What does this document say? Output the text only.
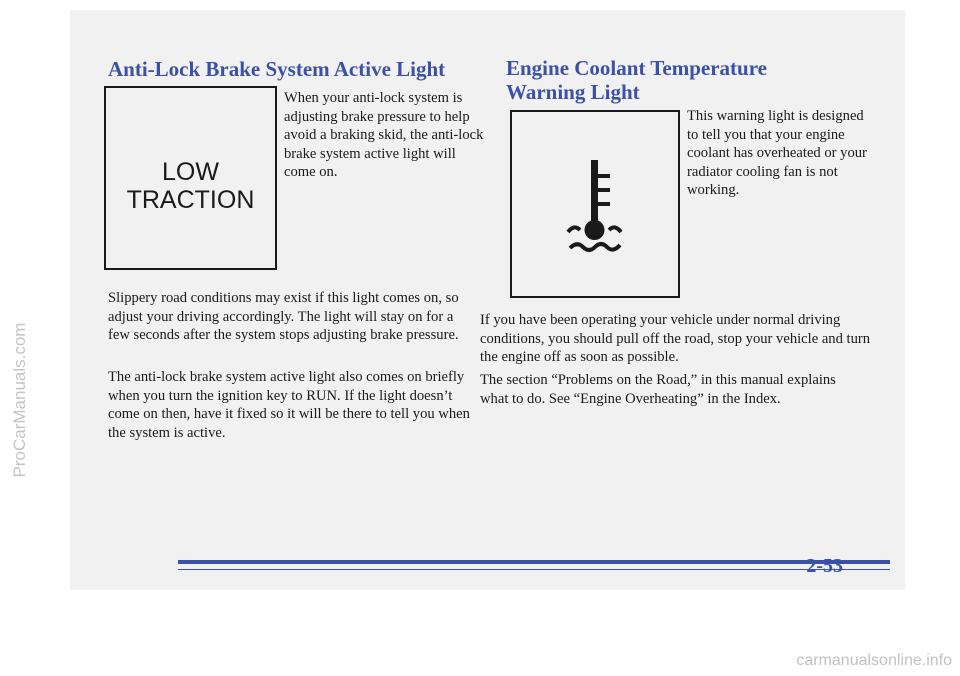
Anti-Lock Brake System Active Light
LOW
TRACTION

When your anti-lock system is adjusting brake pressure to help avoid a braking skid, the anti-lock brake system active light will come on.

Slippery road conditions may exist if this light comes on, so adjust your driving accordingly. The light will stay on for a few seconds after the system stops adjusting brake pressure.

The anti-lock brake system active light also comes on briefly when you turn the ignition key to RUN. If the light doesn’t come on then, have it fixed so it will be there to tell you when the system is active.

Engine Coolant Temperature
Warning Light

This warning light is designed to tell you that your engine coolant has overheated or your radiator cooling fan is not working.

If you have been operating your vehicle under normal driving conditions, you should pull off the road, stop your vehicle and turn the engine off as soon as possible.

The section “Problems on the Road,” in this manual explains what to do. See “Engine Overheating” in the Index.

2-53
ProCarManuals.com
carmanualsonline.info
